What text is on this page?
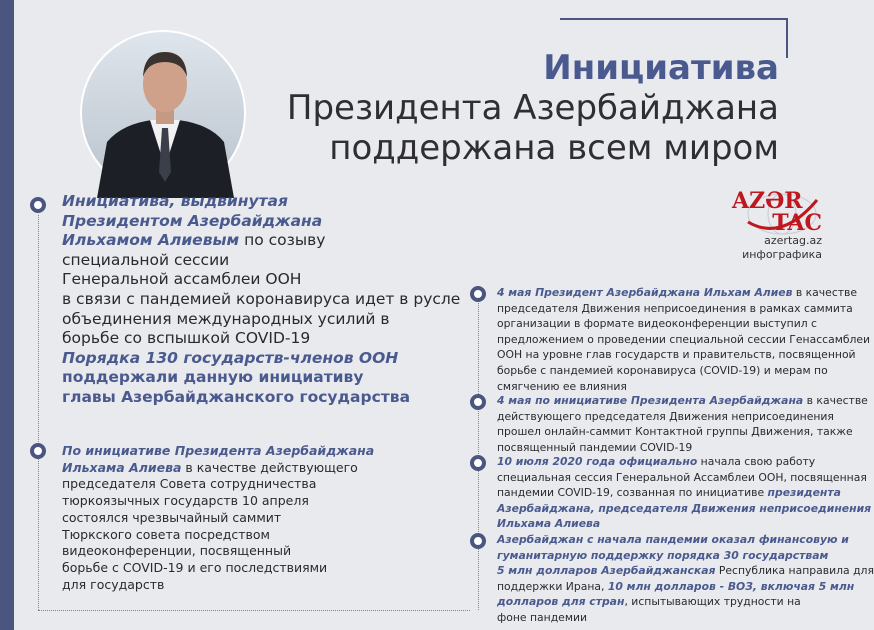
Инициатива
Президента Азербайджана
поддержана всем миром
AZƏR
TAC
azertag.az
инфографика
Инициатива, выдвинутая
Президентом Азербайджана
Ильхамом Алиевым по созыву
специальной сессии
Генеральной ассамблеи ООН
в связи с пандемией коронавируса идет в русле
объединения международных усилий в
борьбе со вспышкой COVID-19
Порядка 130 государств-членов ООН
поддержали данную инициативу
главы Азербайджанского государства
По инициативе Президента Азербайджана
Ильхама Алиева в качестве действующего
председателя Совета сотрудничества
тюркоязычных государств 10 апреля
состоялся чрезвычайный саммит
Тюркского совета посредством
видеоконференции, посвященный
борьбе с COVID-19 и его последствиями
для государств
4 мая Президент Азербайджана Ильхам Алиев в качестве
председателя Движения неприсоединения в рамках саммита
организации в формате видеоконференции выступил с
предложением о проведении специальной сессии Генассамблеи
ООН на уровне глав государств и правительств, посвященной
борьбе с пандемией коронавируса (COVID-19) и мерам по
смягчению ее влияния
4 мая по инициативе Президента Азербайджана в качестве
действующего председателя Движения неприсоединения
прошел онлайн-саммит Контактной группы Движения, также
посвященный пандемии COVID-19
10 июля 2020 года официально начала свою работу
специальная сессия Генеральной Ассамблеи ООН, посвященная
пандемии COVID-19, созванная по инициативе президента
Азербайджана, председателя Движения неприсоединения
Ильхама Алиева
Азербайджан с начала пандемии оказал финансовую и
гуманитарную поддержку порядка 30 государствам
5 млн долларов Азербайджанская Республика направила для
поддержки Ирана, 10 млн долларов - ВОЗ, включая 5 млн
долларов для стран, испытывающих трудности на
фоне пандемии
